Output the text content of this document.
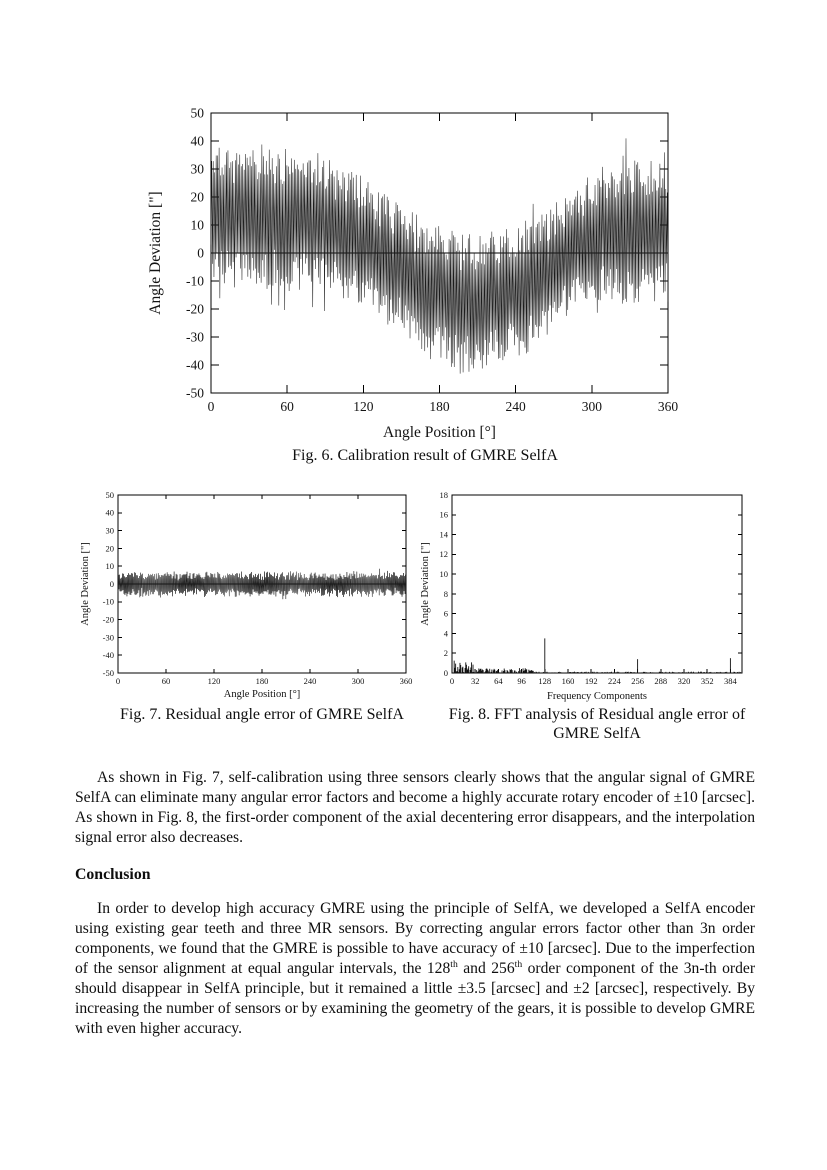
0	60	120	180	240	300	360
-50
-40
-30
-20
-10
0
10
20
30
40
50
Angle Position [°]
Angle Deviation ["]
Fig. 6. Calibration result of GMRE SelfA
0	60	120	180	240	300	360
-50
-40
-30
-20
-10
0
10
20
30
40
50
Angle Position [°]
Angle Deviation ["]
Fig. 7. Residual angle error of GMRE SelfA
0 32 64 96 128 160 192 224 256 288 320 352 384
0
2
4
6
8
10
12
14
16
18
Frequency Components
Angle Deviation ["]
Fig. 8. FFT analysis of Residual angle error of GMRE SelfA

As shown in Fig. 7, self-calibration using three sensors clearly shows that the angular signal of GMRE SelfA can eliminate many angular error factors and become a highly accurate rotary encoder of ±10 [arcsec]. As shown in Fig. 8, the first-order component of the axial decentering error disappears, and the interpolation signal error also decreases.

Conclusion

In order to develop high accuracy GMRE using the principle of SelfA, we developed a SelfA encoder using existing gear teeth and three MR sensors. By correcting angular errors factor other than 3n order components, we found that the GMRE is possible to have accuracy of ±10 [arcsec]. Due to the imperfection of the sensor alignment at equal angular intervals, the 128th and 256th order component of the 3n-th order should disappear in SelfA principle, but it remained a little ±3.5 [arcsec] and ±2 [arcsec], respectively. By increasing the number of sensors or by examining the geometry of the gears, it is possible to develop GMRE with even higher accuracy.
